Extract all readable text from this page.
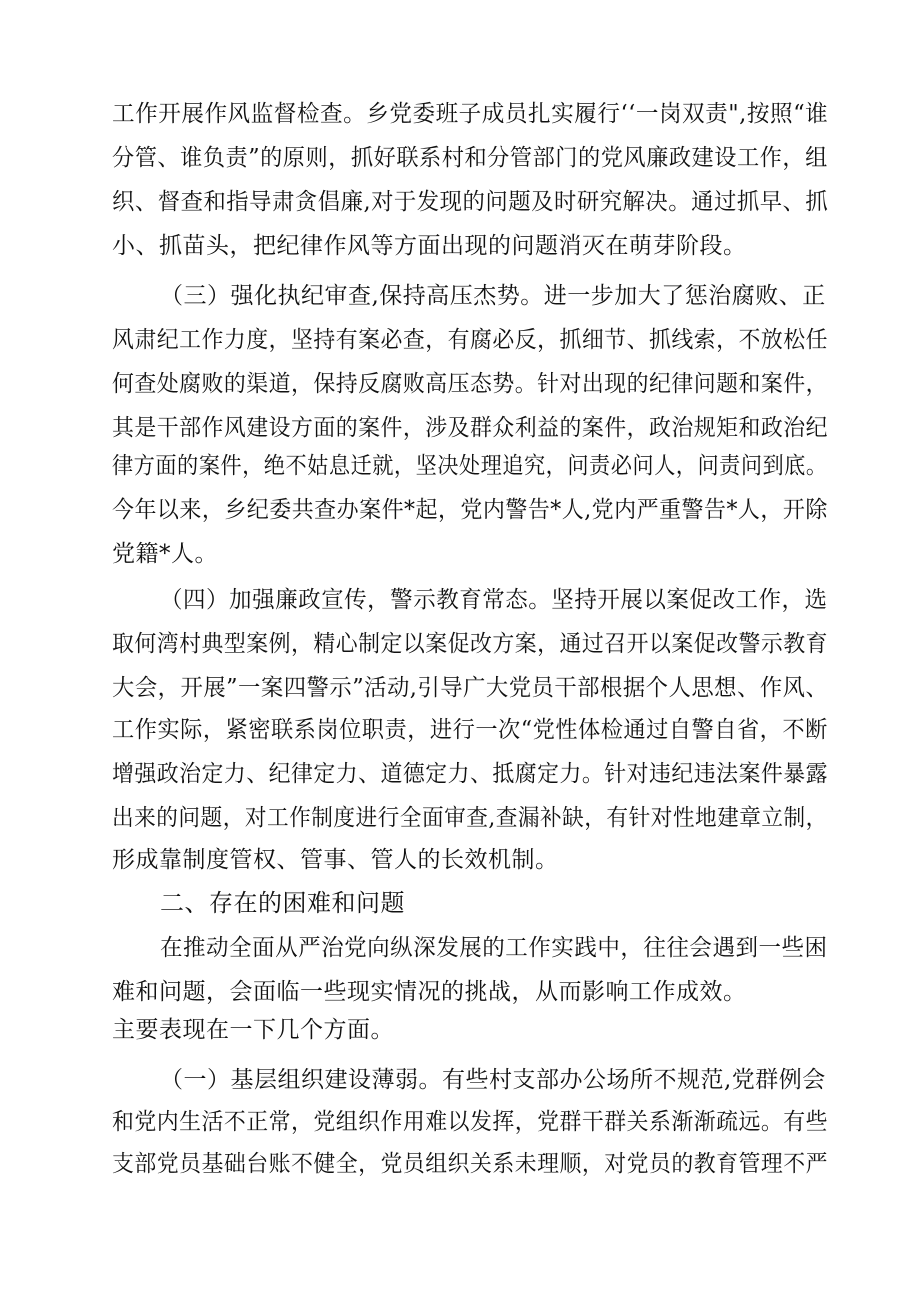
工作开展作风监督检查。乡党委班子成员扎实履行‘‘一岗双责",按照“谁
分管、谁负责”的原则，抓好联系村和分管部门的党风廉政建设工作，组
织、督查和指导肃贪倡廉,对于发现的问题及时研究解决。通过抓早、抓
小、抓苗头，把纪律作风等方面出现的问题消灭在萌芽阶段。
（三）强化执纪审查,保持高压杰势。进一步加大了惩治腐败、正
风肃纪工作力度，坚持有案必查，有腐必反，抓细节、抓线索，不放松任
何查处腐败的渠道，保持反腐败高压态势。针对出现的纪律问题和案件，
其是干部作风建设方面的案件，涉及群众利益的案件，政治规矩和政治纪
律方面的案件，绝不姑息迁就，坚决处理追究，问责必问人，问责问到底。
今年以来，乡纪委共查办案件*起，党内警告*人,党内严重警告*人，开除
党籍*人。
（四）加强廉政宣传，警示教育常态。坚持开展以案促改工作，选
取何湾村典型案例，精心制定以案促改方案，通过召开以案促改警示教育
大会，开展”一案四警示”活动,引导广大党员干部根据个人思想、作风、
工作实际，紧密联系岗位职责，进行一次“党性体检通过自警自省，不断
增强政治定力、纪律定力、道德定力、抵腐定力。针对违纪违法案件暴露
出来的问题，对工作制度进行全面审查,查漏补缺，有针对性地建章立制，
形成靠制度管权、管事、管人的长效机制。
二、存在的困难和问题
在推动全面从严治党向纵深发展的工作实践中，往往会遇到一些困
难和问题，会面临一些现实情况的挑战，从而影响工作成效。
主要表现在一下几个方面。
（一）基层组织建设薄弱。有些村支部办公场所不规范,党群例会
和党内生活不正常，党组织作用难以发挥，党群干群关系渐渐疏远。有些
支部党员基础台账不健全，党员组织关系未理顺，对党员的教育管理不严
